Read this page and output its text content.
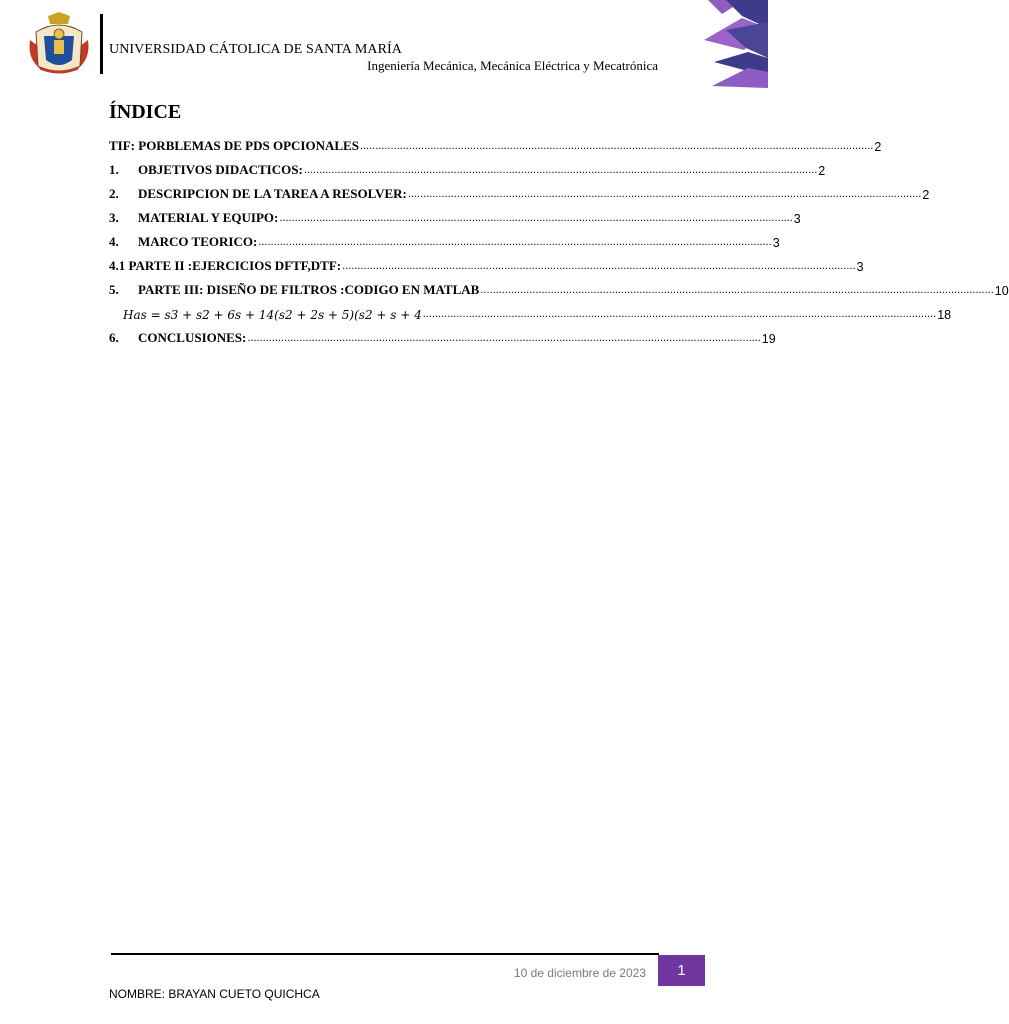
UNIVERSIDAD CÁTOLICA DE SANTA MARÍA
Ingeniería Mecánica, Mecánica Eléctrica y Mecatrónica
ÍNDICE
TIF: PORBLEMAS DE PDS OPCIONALES ........................................................................................................................................................................ 2
1. OBJETIVOS DIDACTICOS: ........................................................................................................................................................................ 2
2. DESCRIPCION DE LA TAREA A RESOLVER: ........................................................................................................................................................................ 2
3. MATERIAL Y EQUIPO: ........................................................................................................................................................................ 3
4. MARCO TEORICO: ........................................................................................................................................................................ 3
4.1 PARTE II :EJERCICIOS DFTF,DTF: ........................................................................................................................................................................ 3
5. PARTE III: DISEÑO DE FILTROS :CODIGO EN MATLAB ........................................................................................................................................................................ 10
Has = s3 + s2 + 6s + 14(s2 + 2s + 5)(s2 + s + 4 ........................................................................................................................................................................ 18
6. CONCLUSIONES: ........................................................................................................................................................................ 19
10 de diciembre de 2023 1
NOMBRE: BRAYAN CUETO QUICHCA
